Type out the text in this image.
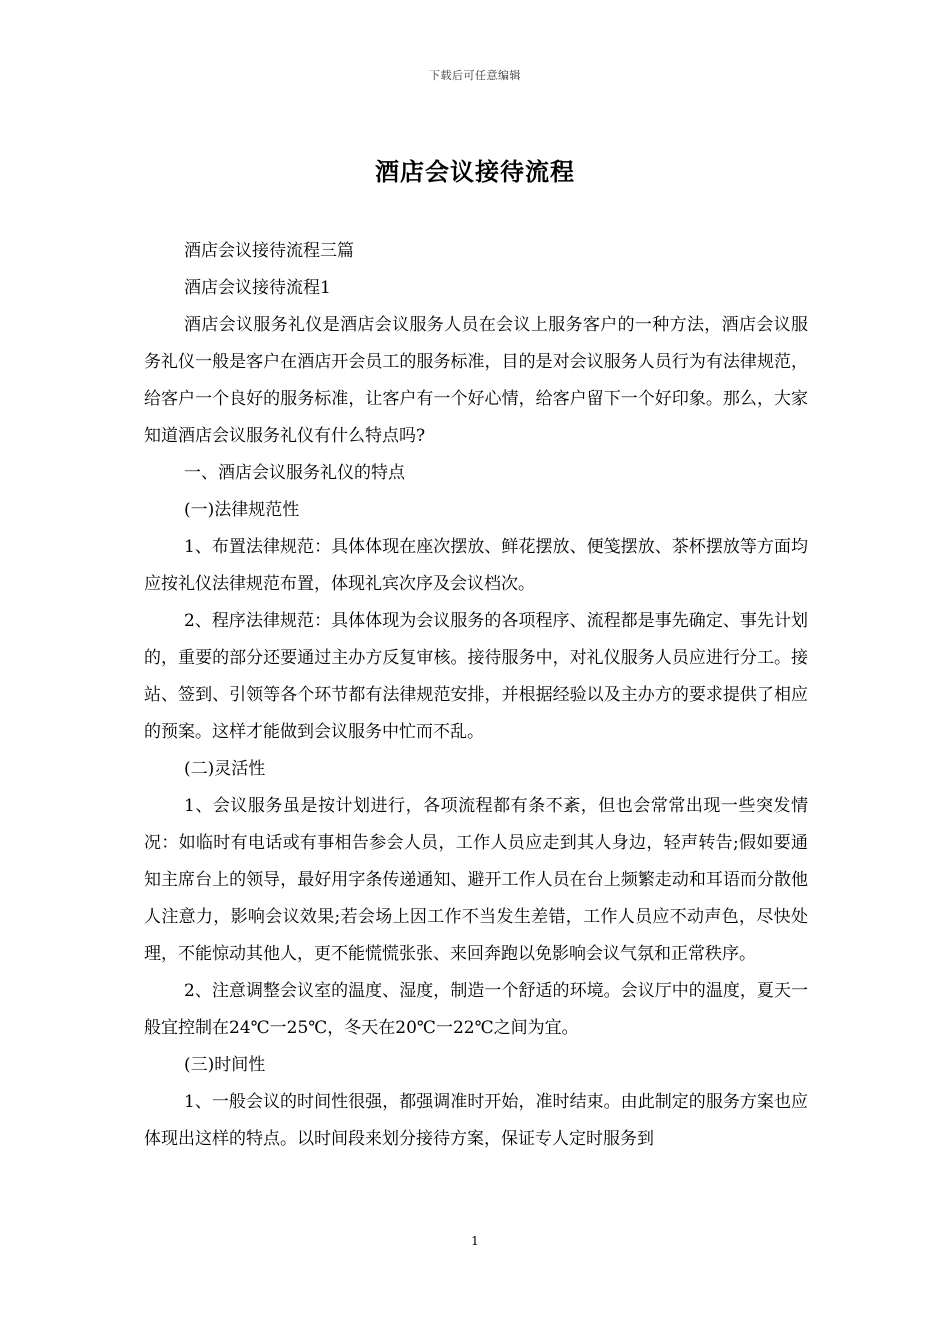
下载后可任意编辑
酒店会议接待流程

酒店会议接待流程三篇

酒店会议接待流程1

酒店会议服务礼仪是酒店会议服务人员在会议上服务客户的一种方法，酒店会议服务礼仪一般是客户在酒店开会员工的服务标准，目的是对会议服务人员行为有法律规范，给客户一个良好的服务标准，让客户有一个好心情，给客户留下一个好印象。那么，大家知道酒店会议服务礼仪有什么特点吗?

一、酒店会议服务礼仪的特点

(一)法律规范性

1、布置法律规范：具体体现在座次摆放、鲜花摆放、便笺摆放、茶杯摆放等方面均应按礼仪法律规范布置，体现礼宾次序及会议档次。

2、程序法律规范：具体体现为会议服务的各项程序、流程都是事先确定、事先计划的，重要的部分还要通过主办方反复审核。接待服务中，对礼仪服务人员应进行分工。接站、签到、引领等各个环节都有法律规范安排，并根据经验以及主办方的要求提供了相应的预案。这样才能做到会议服务中忙而不乱。

(二)灵活性

1、会议服务虽是按计划进行，各项流程都有条不紊，但也会常常出现一些突发情况：如临时有电话或有事相告参会人员，工作人员应走到其人身边，轻声转告;假如要通知主席台上的领导，最好用字条传递通知、避开工作人员在台上频繁走动和耳语而分散他人注意力，影响会议效果;若会场上因工作不当发生差错，工作人员应不动声色，尽快处理，不能惊动其他人，更不能慌慌张张、来回奔跑以免影响会议气氛和正常秩序。

2、注意调整会议室的温度、湿度，制造一个舒适的环境。会议厅中的温度，夏天一般宜控制在24℃一25℃，冬天在20℃一22℃之间为宜。

(三)时间性

1、一般会议的时间性很强，都强调准时开始，准时结束。由此制定的服务方案也应体现出这样的特点。以时间段来划分接待方案，保证专人定时服务到

1
